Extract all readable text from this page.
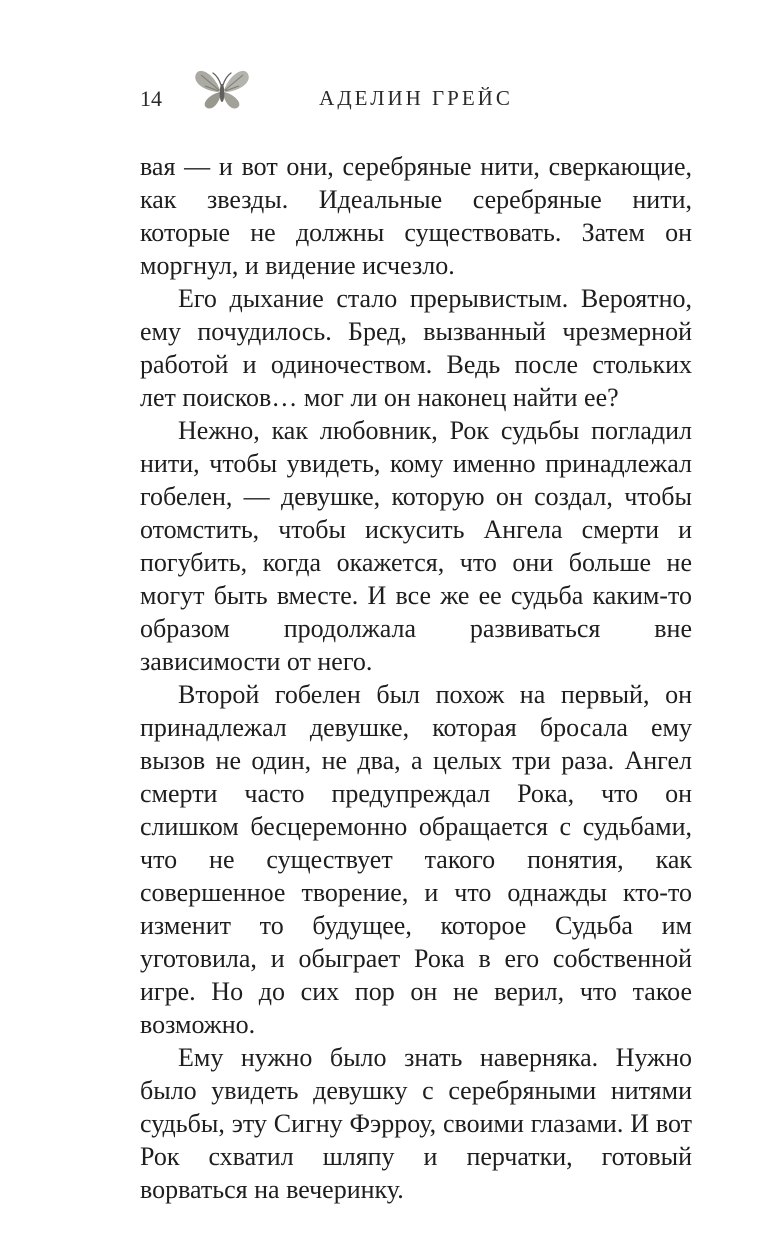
14	АДЕЛИН ГРЕЙС

вая — и вот они, серебряные нити, сверкающие, как звезды. Идеальные серебряные нити, которые не должны существовать. Затем он моргнул, и видение исчезло.

Его дыхание стало прерывистым. Вероятно, ему почудилось. Бред, вызванный чрезмерной работой и одиночеством. Ведь после стольких лет поисков… мог ли он наконец найти ее?

Нежно, как любовник, Рок судьбы погладил нити, чтобы увидеть, кому именно принадлежал гобелен, — девушке, которую он создал, чтобы отомстить, чтобы искусить Ангела смерти и погубить, когда окажется, что они больше не могут быть вместе. И все же ее судьба каким-то образом продолжала развиваться вне зависимости от него.

Второй гобелен был похож на первый, он принадлежал девушке, которая бросала ему вызов не один, не два, а целых три раза. Ангел смерти часто предупреждал Рока, что он слишком бесцеремонно обращается с судьбами, что не существует такого понятия, как совершенное творение, и что однажды кто-то изменит то будущее, которое Судьба им уготовила, и обыграет Рока в его собственной игре. Но до сих пор он не верил, что такое возможно.

Ему нужно было знать наверняка. Нужно было увидеть девушку с серебряными нитями судьбы, эту Сигну Фэрроу, своими глазами. И вот Рок схватил шляпу и перчатки, готовый ворваться на вечеринку.
